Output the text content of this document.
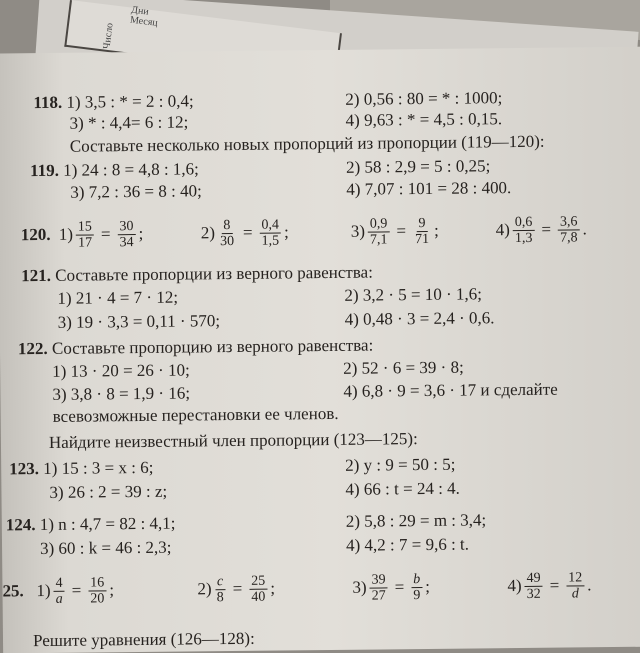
Дни
Месяц
Число
118. 1) 3,5 : * = 2 : 0,4;	2) 0,56 : 80 = * : 1000;
3) * : 4,4= 6 : 12;	4) 9,63 : * = 4,5 : 0,15.
Составьте несколько новых пропорций из пропорции (119—120):
119. 1) 24 : 8 = 4,8 : 1,6;	2) 58 : 2,9 = 5 : 0,25;
3) 7,2 : 36 = 8 : 40;	4) 7,07 : 101 = 28 : 400.
120. $1) \frac{15}{17} = \frac{30}{34}$ ;	$2) \frac{8}{30} = \frac{0,4}{1,5}$ ;	$3) \frac{0,9}{7,1} = \frac{9}{71}$ ;	$4) \frac{0,6}{1,3} = \frac{3,6}{7,8}$ .
121. Составьте пропорции из верного равенства:
1) 21 · 4 = 7 · 12;	2) 3,2 · 5 = 10 · 1,6;
3) 19 · 3,3 = 0,11 · 570;	4) 0,48 · 3 = 2,4 · 0,6.
122. Составьте пропорцию из верного равенства:
1) 13 · 20 = 26 · 10;	2) 52 · 6 = 39 · 8;
3) 3,8 · 8 = 1,9 · 16;	4) 6,8 · 9 = 3,6 · 17 и сделайте
всевозможные перестановки ее членов.
Найдите неизвестный член пропорции (123—125):
123. 1) 15 : 3 = x : 6;	2) y : 9 = 50 : 5;
3) 26 : 2 = 39 : z;	4) 66 : t = 24 : 4.
124. 1) n : 4,7 = 82 : 4,1;	2) 5,8 : 29 = m : 3,4;
3) 60 : k = 46 : 2,3;	4) 4,2 : 7 = 9,6 : t.
25. $1) \frac{4}{a} = \frac{16}{20}$ ;	$2) \frac{c}{8} = \frac{25}{40}$ ;	$3) \frac{39}{27} = \frac{b}{9}$ ;	$4) \frac{49}{32} = \frac{12}{d}$ .
Решите уравнения (126—128):
